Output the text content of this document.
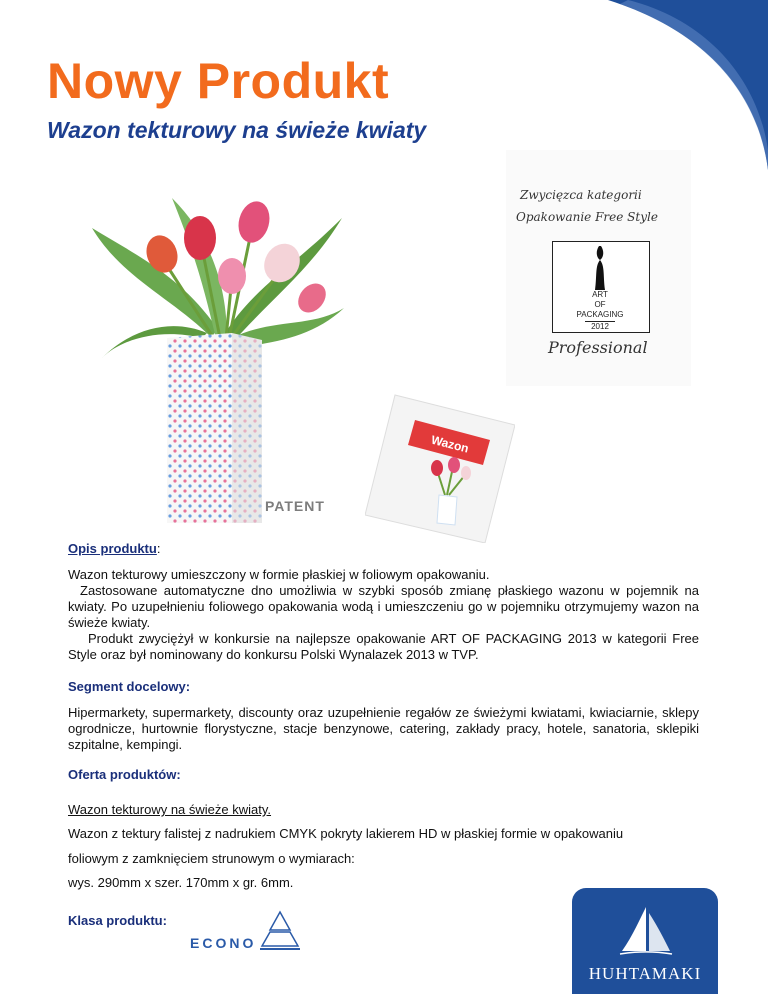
Nowy Produkt
Wazon tekturowy na świeże kwiaty
PATENT
Zwycięzca kategorii
Opakowanie Free Style
ART
OF
PACKAGING
2012
Professional
Wazon

Opis produktu:

Wazon tekturowy umieszczony w formie płaskiej w foliowym opakowaniu.

Zastosowane automatyczne dno umożliwia w szybki sposób zmianę płaskiego wazonu w pojemnik na kwiaty. Po uzupełnieniu foliowego opakowania wodą i umieszczeniu go w pojemniku otrzymujemy wazon na świeże kwiaty.

Produkt zwyciężył w konkursie na najlepsze opakowanie ART OF PACKAGING 2013 w kategorii Free Style oraz był nominowany do konkursu Polski Wynalazek 2013 w TVP.

Segment docelowy:

Hipermarkety, supermarkety, discounty oraz uzupełnienie regałów ze świeżymi kwiatami, kwiaciarnie, sklepy ogrodnicze, hurtownie florystyczne, stacje benzynowe, catering, zakłady pracy, hotele, sanatoria, sklepiki szpitalne, kempingi.

Oferta produktów:

Wazon tekturowy na świeże kwiaty.

Wazon z tektury falistej z nadrukiem CMYK pokryty lakierem HD w płaskiej formie w opakowaniu

foliowym z zamknięciem strunowym o wymiarach:

wys. 290mm x szer. 170mm x gr. 6mm.

Klasa produktu:

ECONO
HUHTAMAKI
